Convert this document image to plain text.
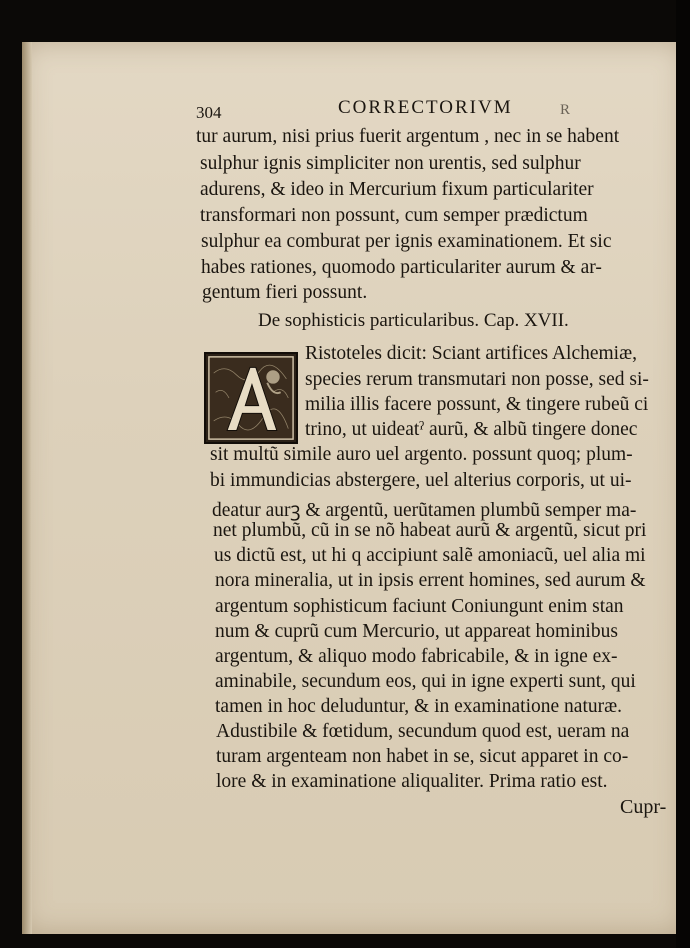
R
304	CORRECTORIVM
tur aurum, nisi prius fuerit argentum , nec in se habent
sulphur ignis simpliciter non urentis, sed sulphur
adurens, & ideo in Mercurium fixum particulariter
transformari non possunt, cum semper prædictum
sulphur ea comburat per ignis examinationem. Et sic
habes rationes, quomodo particulariter aurum & ar-
gentum fieri possunt.
De sophisticis particularibus. Cap. XVII.
Ristoteles dicit: Sciant artifices Alchemiæ,
species rerum transmutari non posse, sed si-
milia illis facere possunt, & tingere rubeũ ci
trino, ut uideatˀ aurũ, & albũ tingere donec
sit multũ simile auro uel argento. possunt quoq; plum-
bi immundicias abstergere, uel alterius corporis, ut ui-
deatur aurꝫ & argentũ, uerũtamen plumbũ semper ma-
net plumbũ, cũ in se nõ habeat aurũ & argentũ, sicut pri
us dictũ est, ut hi q accipiunt salẽ amoniacũ, uel alia mi
nora mineralia, ut in ipsis errent homines, sed aurum &
argentum sophisticum faciunt Coniungunt enim stan
num & cuprũ cum Mercurio, ut appareat hominibus
argentum, & aliquo modo fabricabile, & in igne ex-
aminabile, secundum eos, qui in igne experti sunt, qui
tamen in hoc deluduntur, & in examinatione naturæ.
Adustibile & fœtidum, secundum quod est, ueram na
turam argenteam non habet in se, sicut apparet in co-
lore & in examinatione aliqualiter. Prima ratio est.
Cupr-
